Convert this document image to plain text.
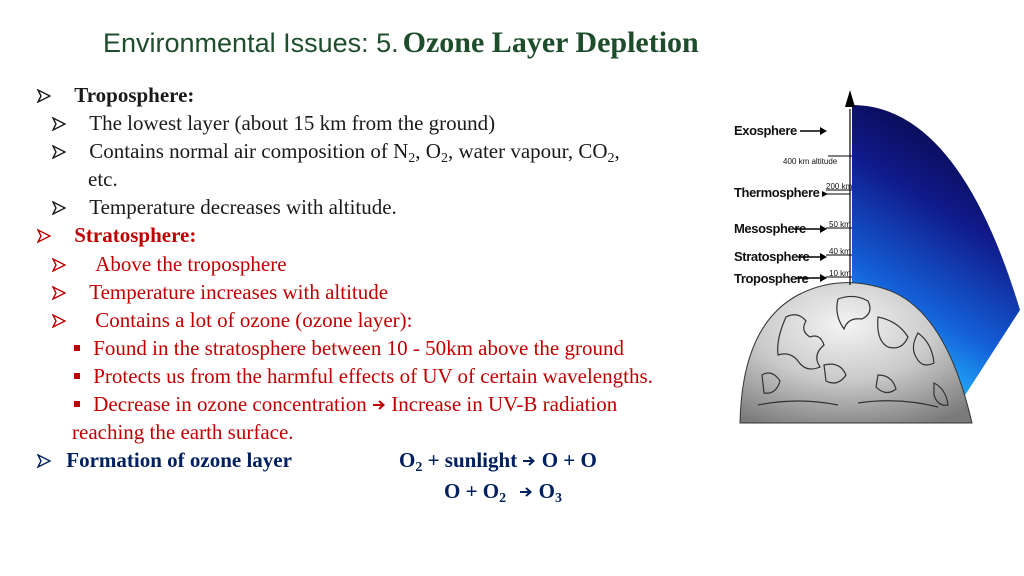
Environmental Issues: 5. Ozone Layer Depletion
Troposphere:
The lowest layer (about 15 km from the ground)
Contains normal air composition of $N_2$, $O_2$, water vapour, $CO_2$,
etc.
Temperature decreases with altitude.
Stratosphere:
Above the troposphere
Temperature increases with altitude
Contains a lot of ozone (ozone layer):
Found in the stratosphere between 10 - 50km above the ground
Protects us from the harmful effects of UV of certain wavelengths.
Decrease in ozone concentration Increase in UV-B radiation
reaching the earth surface.
Formation of ozone layer	$O_2$ + sunlight  O + O
$O + O_2$  $O_3$
Exosphere
400 km altitude
Thermosphere 200 km
Mesosphere	50 km
Stratosphere 40 km
Troposphere	10 km
